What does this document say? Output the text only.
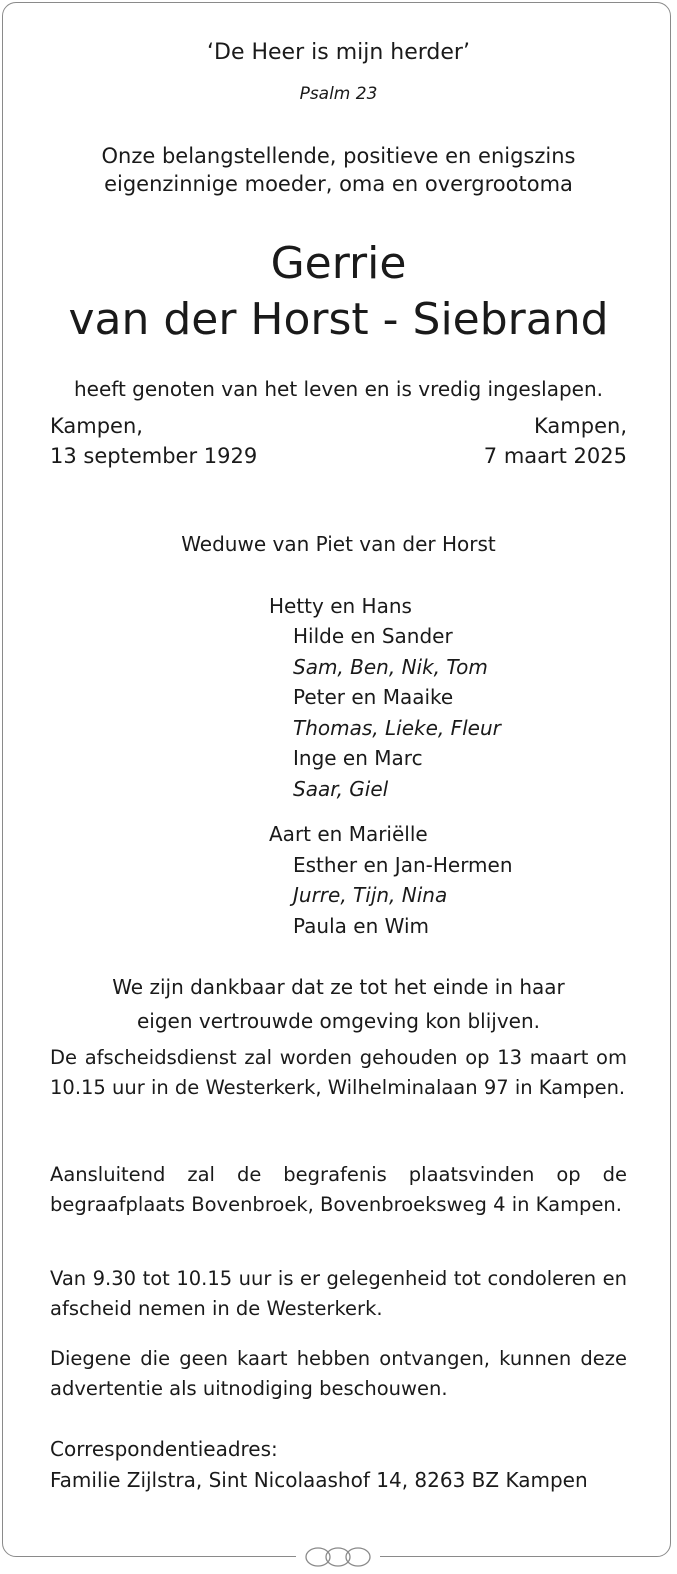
‘De Heer is mijn herder’
Psalm 23
Onze belangstellende, positieve en enigszins
eigenzinnige moeder, oma en overgrootoma
Gerrie
van der Horst - Siebrand
heeft genoten van het leven en is vredig ingeslapen.
Kampen,
13 september 1929
Kampen,
7 maart 2025
Weduwe van Piet van der Horst
Hetty en Hans
Hilde en Sander
Sam, Ben, Nik, Tom
Peter en Maaike
Thomas, Lieke, Fleur
Inge en Marc
Saar, Giel
Aart en Mariëlle
Esther en Jan-Hermen
Jurre, Tijn, Nina
Paula en Wim
We zijn dankbaar dat ze tot het einde in haar
eigen vertrouwde omgeving kon blijven.
De afscheidsdienst zal worden gehouden op 13 maart om 10.15 uur in de Westerkerk, Wilhelminalaan 97 in Kampen.
Aansluitend zal de begrafenis plaatsvinden op de begraafplaats Bovenbroek, Bovenbroeksweg 4 in Kampen.
Van 9.30 tot 10.15 uur is er gelegenheid tot condoleren en afscheid nemen in de Westerkerk.
Diegene die geen kaart hebben ontvangen, kunnen deze advertentie als uitnodiging beschouwen.
Correspondentieadres:
Familie Zijlstra, Sint Nicolaashof 14, 8263 BZ Kampen
